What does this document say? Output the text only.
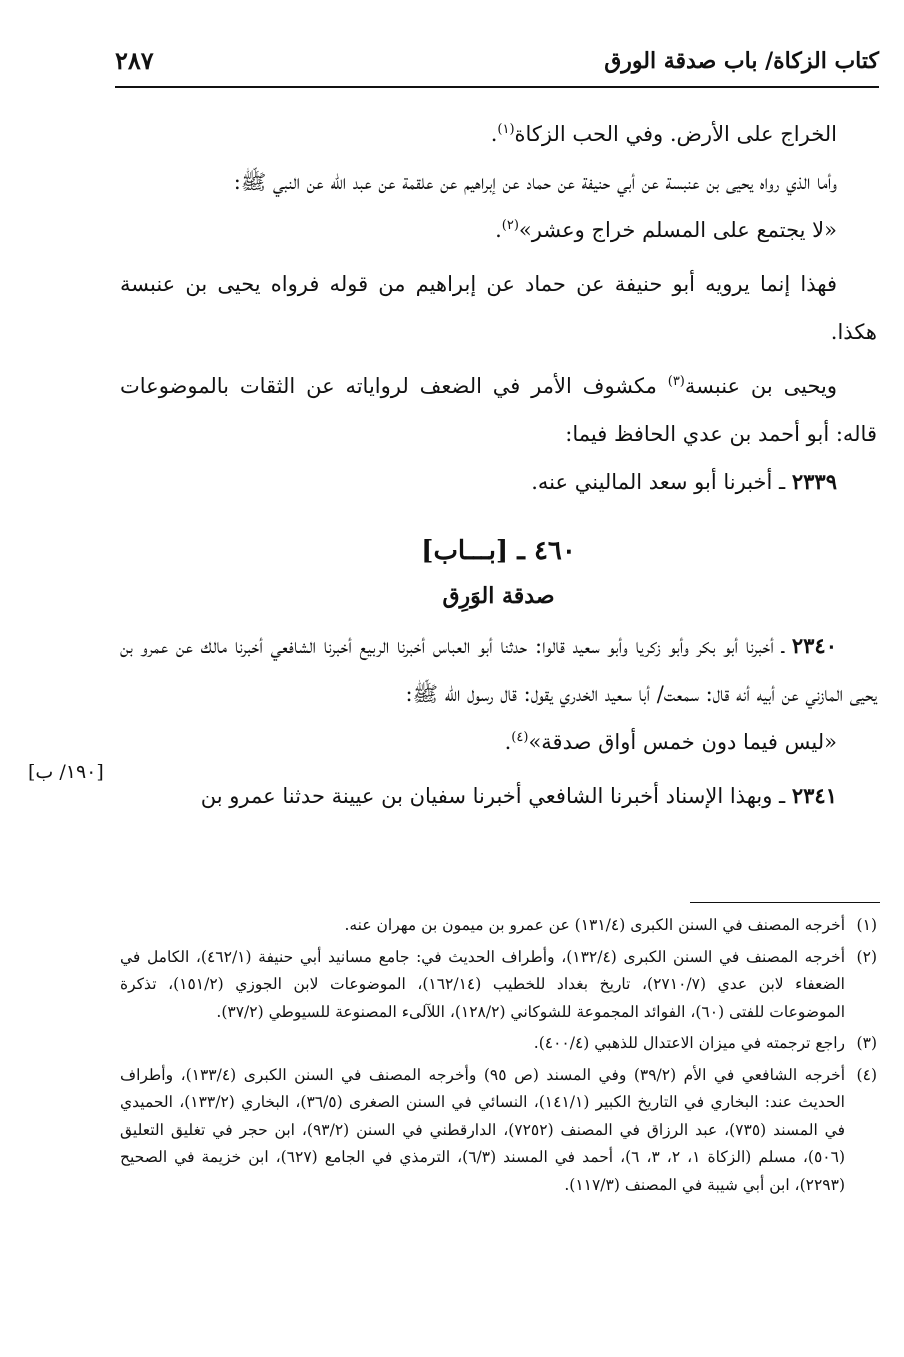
كتاب الزكاة/ باب صدقة الورق
٢٨٧

الخراج على الأرض. وفي الحب الزكاة$^{(١)}$.

وأما الذي رواه يحيى بن عنبسة عن أبي حنيفة عن حماد عن إبراهيم عن علقمة عن عبد الله عن النبي ﷺ:

«لا يجتمع على المسلم خراج وعشر»$^{(٢)}$.

فهذا إنما يرويه أبو حنيفة عن حماد عن إبراهيم من قوله فرواه يحيى بن عنبسة هكذا.

ويحيى بن عنبسة$^{(٣)}$ مكشوف الأمر في الضعف لرواياته عن الثقات بالموضوعات قاله: أبو أحمد بن عدي الحافظ فيما:

٢٣٣٩ ـ أخبرنا أبو سعد الماليني عنه.

٤٦٠ ـ [بـــاب]

صدقة الوَرِق

٢٣٤٠ ـ أخبرنا أبو بكر وأبو زكريا وأبو سعيد قالوا: حدثنا أبو العباس أخبرنا الربيع أخبرنا الشافعي أخبرنا مالك عن عمرو بن يحيى المازني عن أبيه أنه قال: سمعت/ أبا سعيد الخدري يقول: قال رسول الله ﷺ:

«ليس فيما دون خمس أواق صدقة»$^{(٤)}$.

٢٣٤١ ـ وبهذا الإسناد أخبرنا الشافعي أخبرنا سفيان بن عيينة حدثنا عمرو بن

[١٩٠/ ب]

(١)
أخرجه المصنف في السنن الكبرى (١٣١/٤) عن عمرو بن ميمون بن مهران عنه.

(٢)
أخرجه المصنف في السنن الكبرى (١٣٢/٤)، وأطراف الحديث في: جامع مسانيد أبي حنيفة (٤٦٢/١)، الكامل في الضعفاء لابن عدي (٢٧١٠/٧)، تاريخ بغداد للخطيب (١٦٢/١٤)، الموضوعات لابن الجوزي (١٥١/٢)، تذكرة الموضوعات للفتى (٦٠)، الفوائد المجموعة للشوكاني (١٢٨/٢)، اللآلىء المصنوعة للسيوطي (٣٧/٢).

(٣)
راجع ترجمته في ميزان الاعتدال للذهبي (٤٠٠/٤).

(٤)
أخرجه الشافعي في الأم (٣٩/٢) وفي المسند (ص ٩٥) وأخرجه المصنف في السنن الكبرى (١٣٣/٤)، وأطراف الحديث عند: البخاري في التاريخ الكبير (١٤١/١)، النسائي في السنن الصغرى (٣٦/٥)، البخاري (١٣٣/٢)، الحميدي في المسند (٧٣٥)، عبد الرزاق في المصنف (٧٢٥٢)، الدارقطني في السنن (٩٣/٢)، ابن حجر في تغليق التعليق (٥٠٦)، مسلم (الزكاة ١، ٢، ٣، ٦)، أحمد في المسند (٦/٣)، الترمذي في الجامع (٦٢٧)، ابن خزيمة في الصحيح (٢٢٩٣)، ابن أبي شيبة في المصنف (١١٧/٣).
